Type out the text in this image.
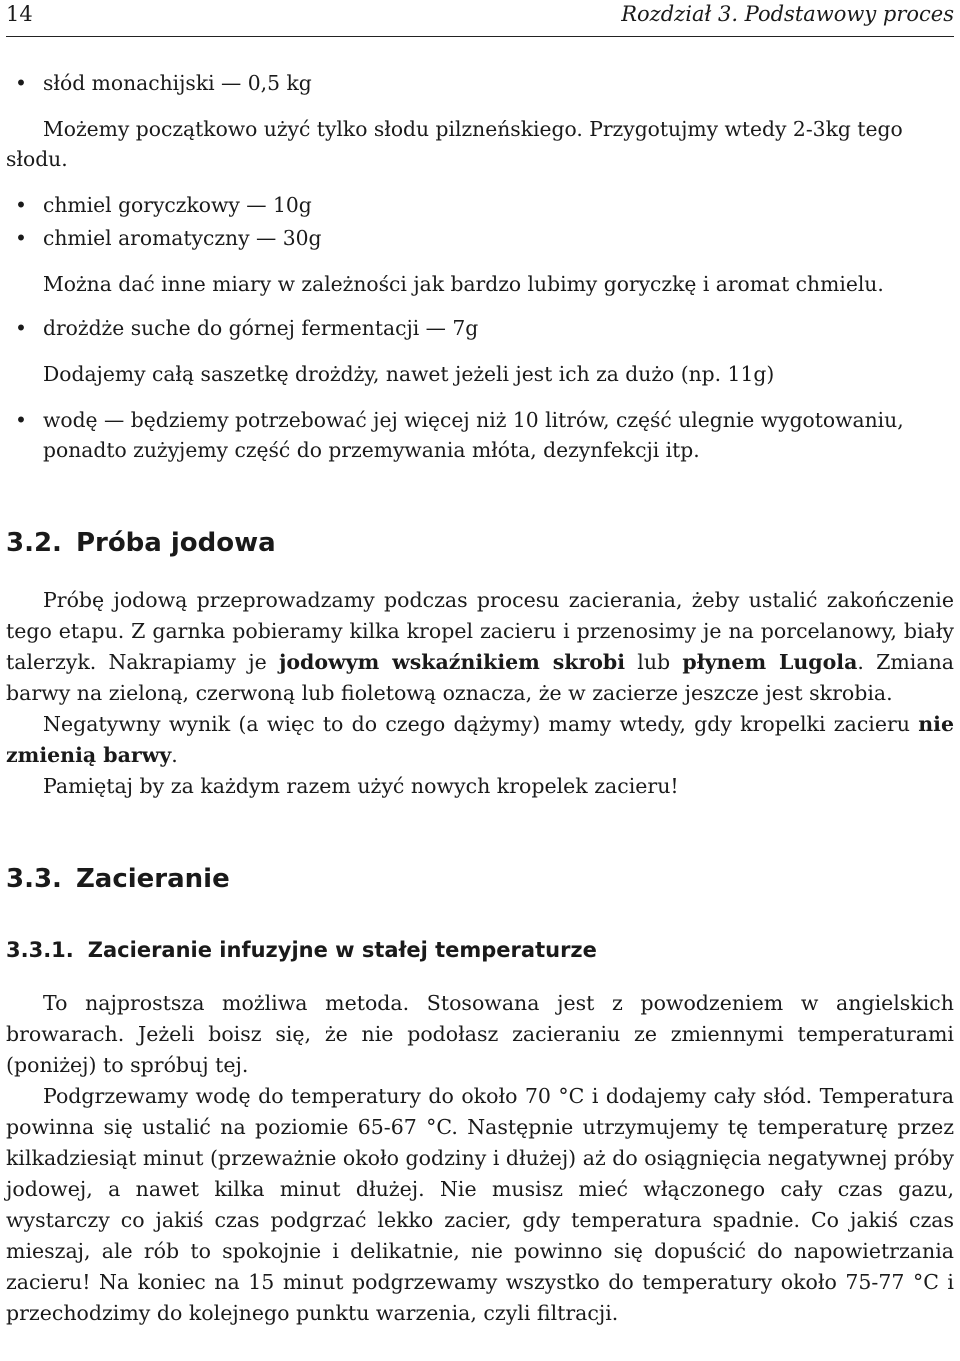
14	Rozdział 3. Podstawowy proces
• słód monachijski — 0,5 kg

Możemy początkowo użyć tylko słodu pilzneńskiego. Przygotujmy wtedy 2-3kg tego słodu.

• chmiel goryczkowy — 10g
• chmiel aromatyczny — 30g

Można dać inne miary w zależności jak bardzo lubimy goryczkę i aromat chmielu.

• drożdże suche do górnej fermentacji — 7g

Dodajemy całą saszetkę drożdży, nawet jeżeli jest ich za dużo (np. 11g)

• wodę — będziemy potrzebować jej więcej niż 10 litrów, część ulegnie wygotowaniu, ponadto zużyjemy część do przemywania młóta, dezynfekcji itp.
3.2. Próba jodowa

Próbę jodową przeprowadzamy podczas procesu zacierania, żeby ustalić zakończenie tego etapu. Z garnka pobieramy kilka kropel zacieru i przenosimy je na porcelanowy, biały talerzyk. Nakrapiamy je jodowym wskaźnikiem skrobi lub płynem Lugola. Zmiana barwy na zieloną, czerwoną lub fioletową oznacza, że w zacierze jeszcze jest skrobia.

Negatywny wynik (a więc to do czego dążymy) mamy wtedy, gdy kropelki zacieru nie zmienią barwy.

Pamiętaj by za każdym razem użyć nowych kropelek zacieru!

3.3. Zacieranie
3.3.1. Zacieranie infuzyjne w stałej temperaturze

To najprostsza możliwa metoda. Stosowana jest z powodzeniem w angielskich browarach. Jeżeli boisz się, że nie podołasz zacieraniu ze zmiennymi temperaturami (poniżej) to spróbuj tej.

Podgrzewamy wodę do temperatury do około 70 °C i dodajemy cały słód. Temperatura powinna się ustalić na poziomie 65-67 °C. Następnie utrzymujemy tę temperaturę przez kilkadziesiąt minut (przeważnie około godziny i dłużej) aż do osiągnięcia negatywnej próby jodowej, a nawet kilka minut dłużej. Nie musisz mieć włączonego cały czas gazu, wystarczy co jakiś czas podgrzać lekko zacier, gdy temperatura spadnie. Co jakiś czas mieszaj, ale rób to spokojnie i delikatnie, nie powinno się dopuścić do napowietrzania zacieru! Na koniec na 15 minut podgrzewamy wszystko do temperatury około 75-77 °C i przechodzimy do kolejnego punktu warzenia, czyli filtracji.
